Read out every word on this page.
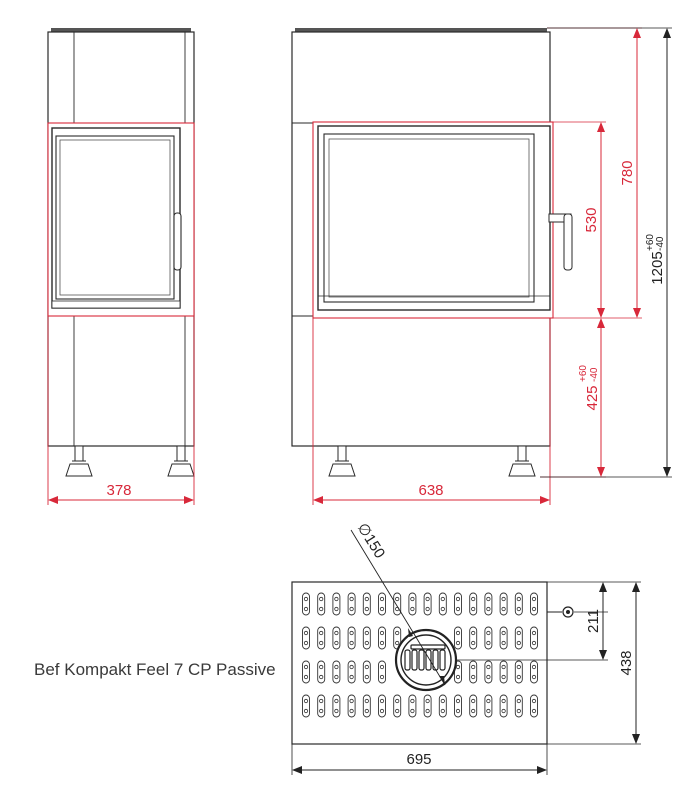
378	638
530
780
425
+60 -40
1205
+60 -40
∅150
211
438
695
Bef Kompakt Feel 7 CP Passive
